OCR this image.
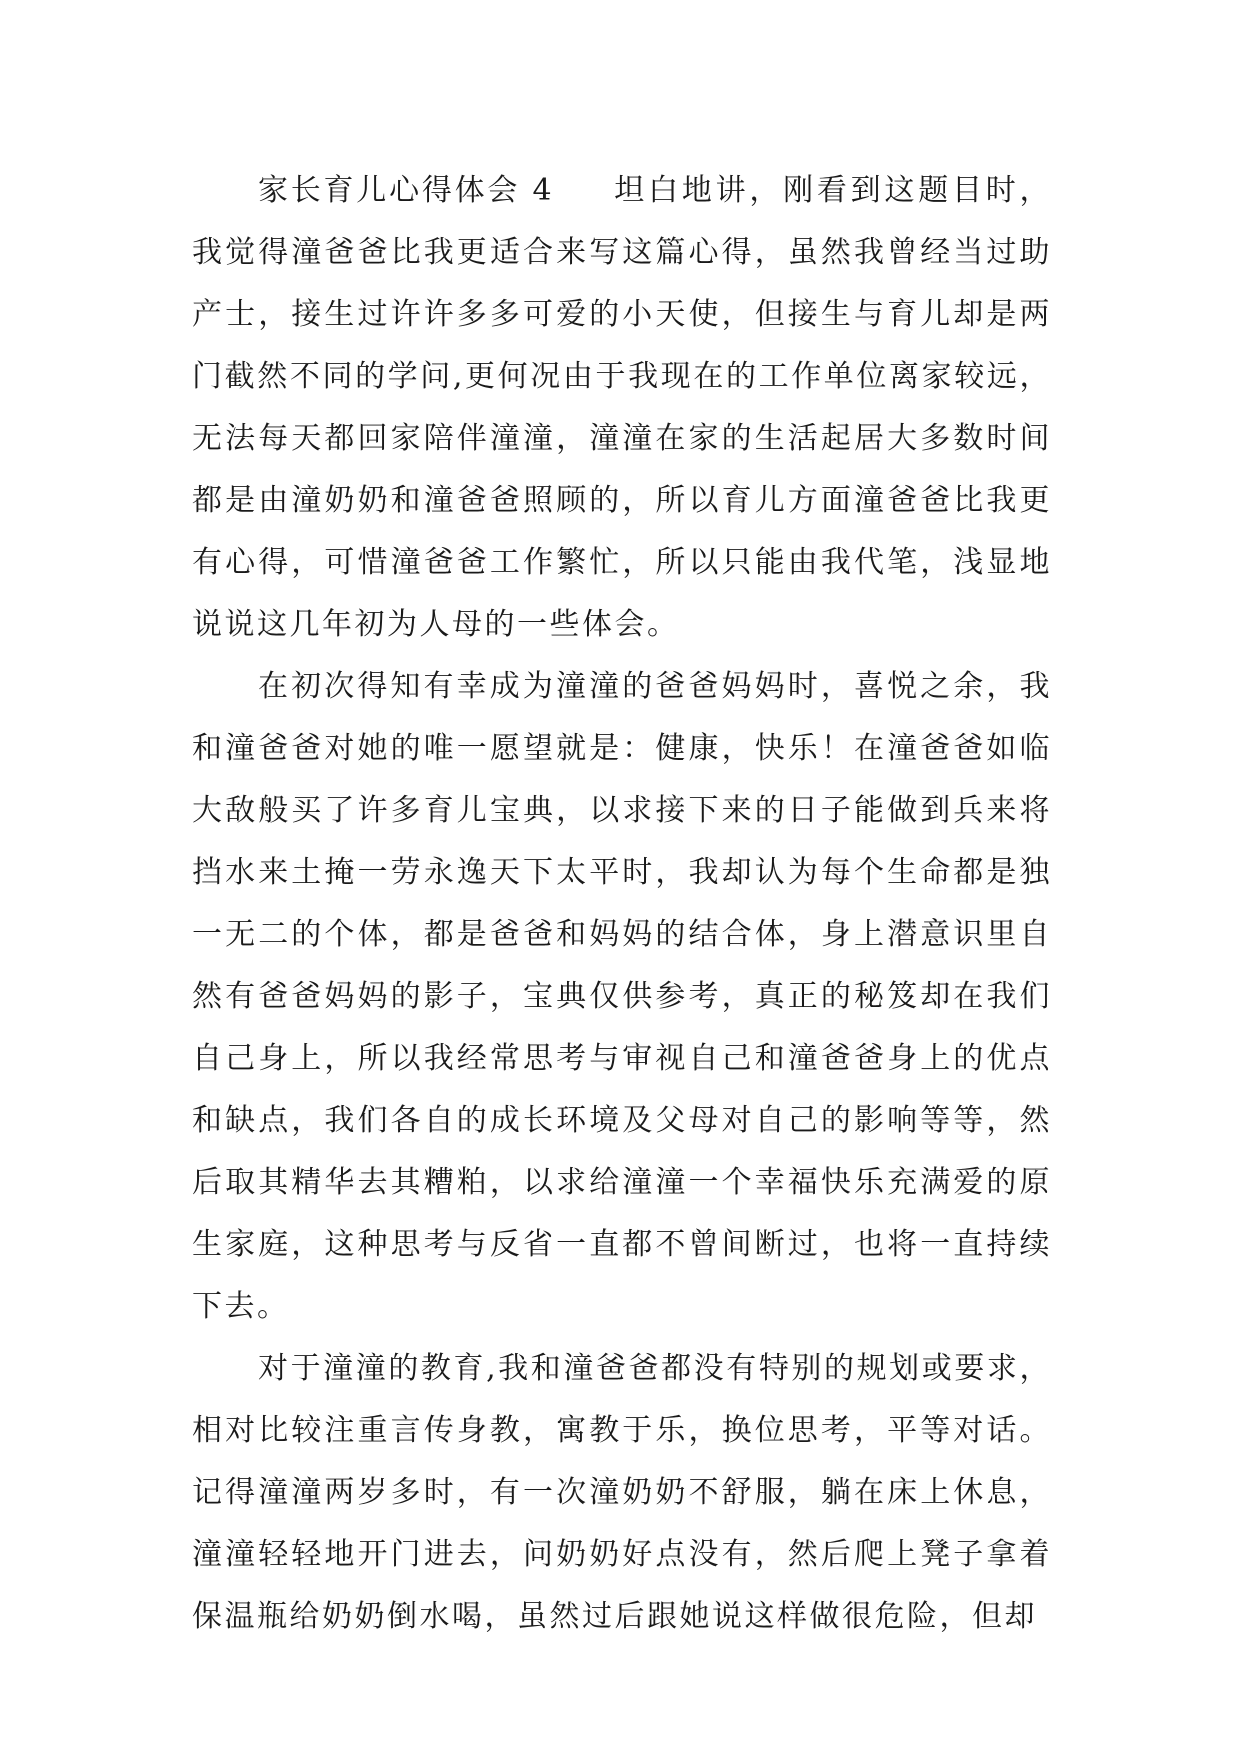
家长育儿心得体会 4 坦白地讲，刚看到这题目时，我觉得潼爸爸比我更适合来写这篇心得，虽然我曾经当过助产士，接生过许许多多可爱的小天使，但接生与育儿却是两门截然不同的学问,更何况由于我现在的工作单位离家较远，无法每天都回家陪伴潼潼，潼潼在家的生活起居大多数时间都是由潼奶奶和潼爸爸照顾的，所以育儿方面潼爸爸比我更有心得，可惜潼爸爸工作繁忙，所以只能由我代笔，浅显地说说这几年初为人母的一些体会。

在初次得知有幸成为潼潼的爸爸妈妈时，喜悦之余，我和潼爸爸对她的唯一愿望就是：健康，快乐！在潼爸爸如临大敌般买了许多育儿宝典，以求接下来的日子能做到兵来将挡水来土掩一劳永逸天下太平时，我却认为每个生命都是独一无二的个体，都是爸爸和妈妈的结合体，身上潜意识里自然有爸爸妈妈的影子，宝典仅供参考，真正的秘笈却在我们自己身上，所以我经常思考与审视自己和潼爸爸身上的优点和缺点，我们各自的成长环境及父母对自己的影响等等，然后取其精华去其糟粕，以求给潼潼一个幸福快乐充满爱的原生家庭，这种思考与反省一直都不曾间断过，也将一直持续下去。

对于潼潼的教育,我和潼爸爸都没有特别的规划或要求，相对比较注重言传身教，寓教于乐，换位思考，平等对话。记得潼潼两岁多时，有一次潼奶奶不舒服，躺在床上休息，潼潼轻轻地开门进去，问奶奶好点没有，然后爬上凳子拿着保温瓶给奶奶倒水喝，虽然过后跟她说这样做很危险，但却
